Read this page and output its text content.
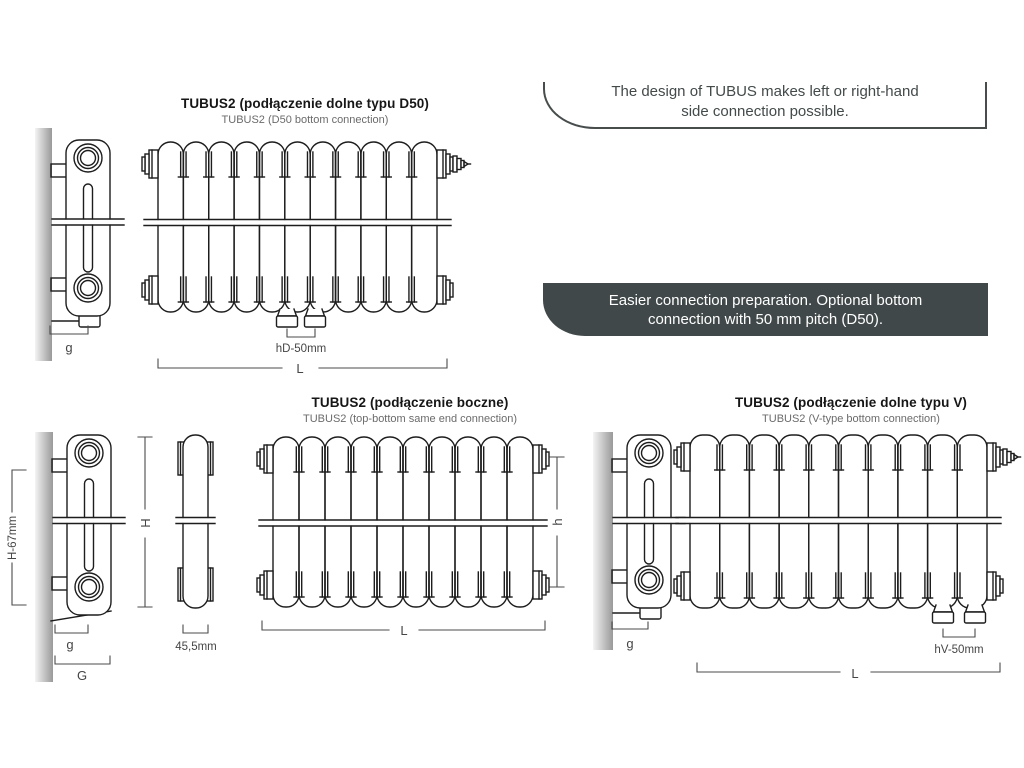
TUBUS2 (podłączenie dolne typu D50)
TUBUS2 (D50 bottom connection)
TUBUS2 (podłączenie boczne)
TUBUS2 (top-bottom same end connection)
TUBUS2 (podłączenie dolne typu V)
TUBUS2 (V-type bottom connection)
The design of TUBUS makes left or right-hand
side connection possible.
Easier connection preparation. Optional bottom
connection with 50 mm pitch (D50).
g	hD-50mm
L
H-67mm	H
g
G
45,5mm
h
L
g	hV-50mm
L
